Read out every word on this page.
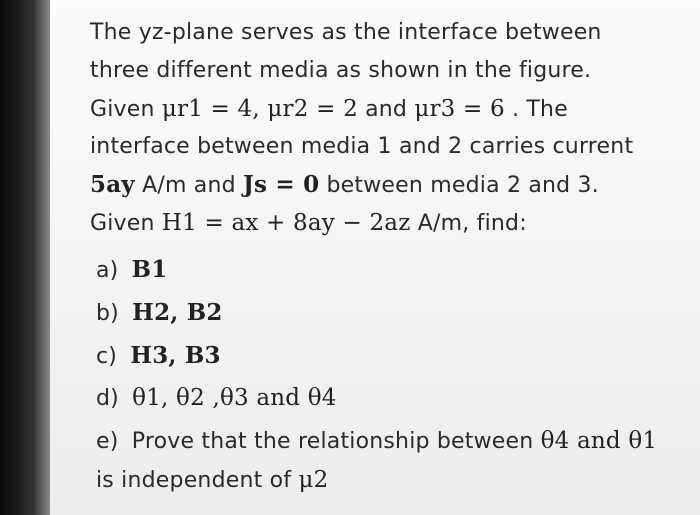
The yz-plane serves as the interface between
three different media as shown in the figure.
Given μr1 = 4, μr2 = 2 and μr3 = 6 . The
interface between media 1 and 2 carries current
5ay A/m and Js = 0 between media 2 and 3.
Given H1 = ax + 8ay − 2az A/m, find:
a) B1
b) H2, B2
c) H3, B3
d) θ1, θ2 ,θ3 and θ4
e) Prove that the relationship between θ4 and θ1
is independent of μ2
